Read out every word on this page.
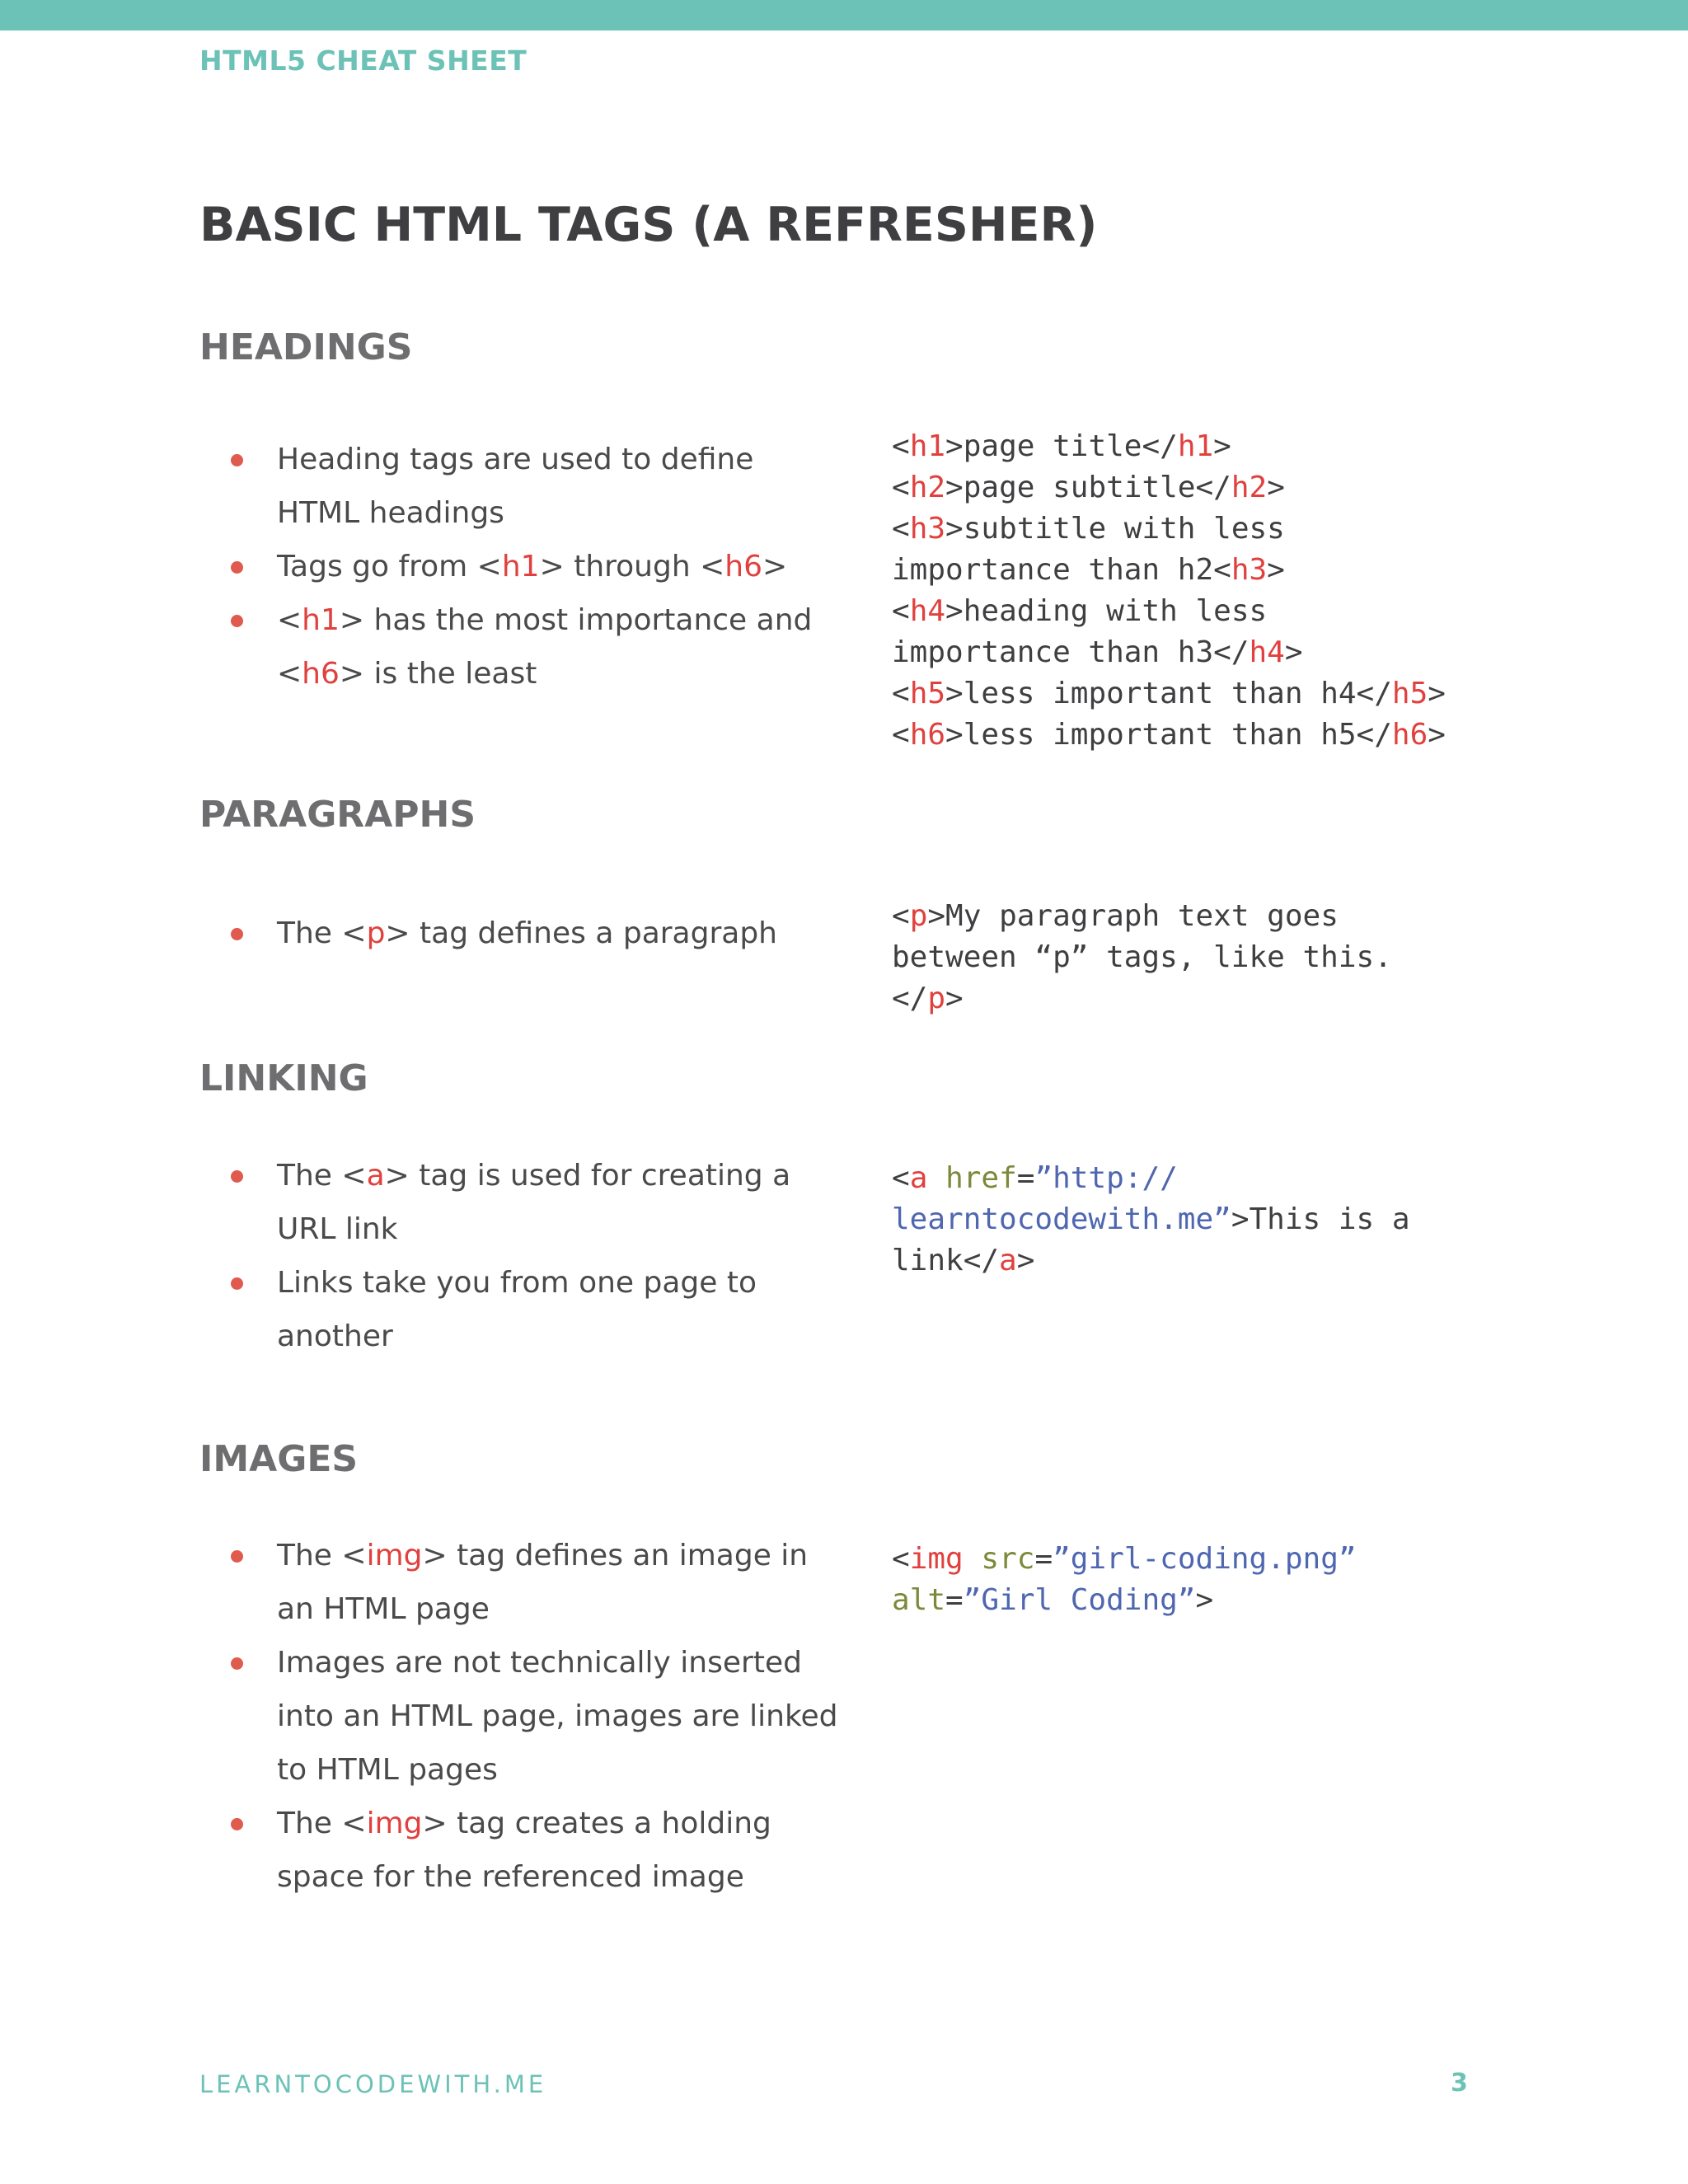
HTML5 CHEAT SHEET
BASIC HTML TAGS (A REFRESHER)
HEADINGS
Heading tags are used to define HTML headings
Tags go from <h1> through <h6>
<h1> has the most importance and <h6> is the least
<h1>page title</h1>
<h2>page subtitle</h2>
<h3>subtitle with less
importance than h2<h3>
<h4>heading with less
importance than h3</h4>
<h5>less important than h4</h5>
<h6>less important than h5</h6>
PARAGRAPHS
The <p> tag defines a paragraph
<p>My paragraph text goes
between “p” tags, like this.
</p>
LINKING
The <a> tag is used for creating a URL link
Links take you from one page to another
<a href=”http://
learntocodewith.me”>This is a
link</a>
IMAGES
The <img> tag defines an image in an HTML page
Images are not technically inserted into an HTML page, images are linked to HTML pages
The <img> tag creates a holding space for the referenced image
<img src=”girl-coding.png”
alt=”Girl Coding”>
LEARNTOCODEWITH.ME	3
